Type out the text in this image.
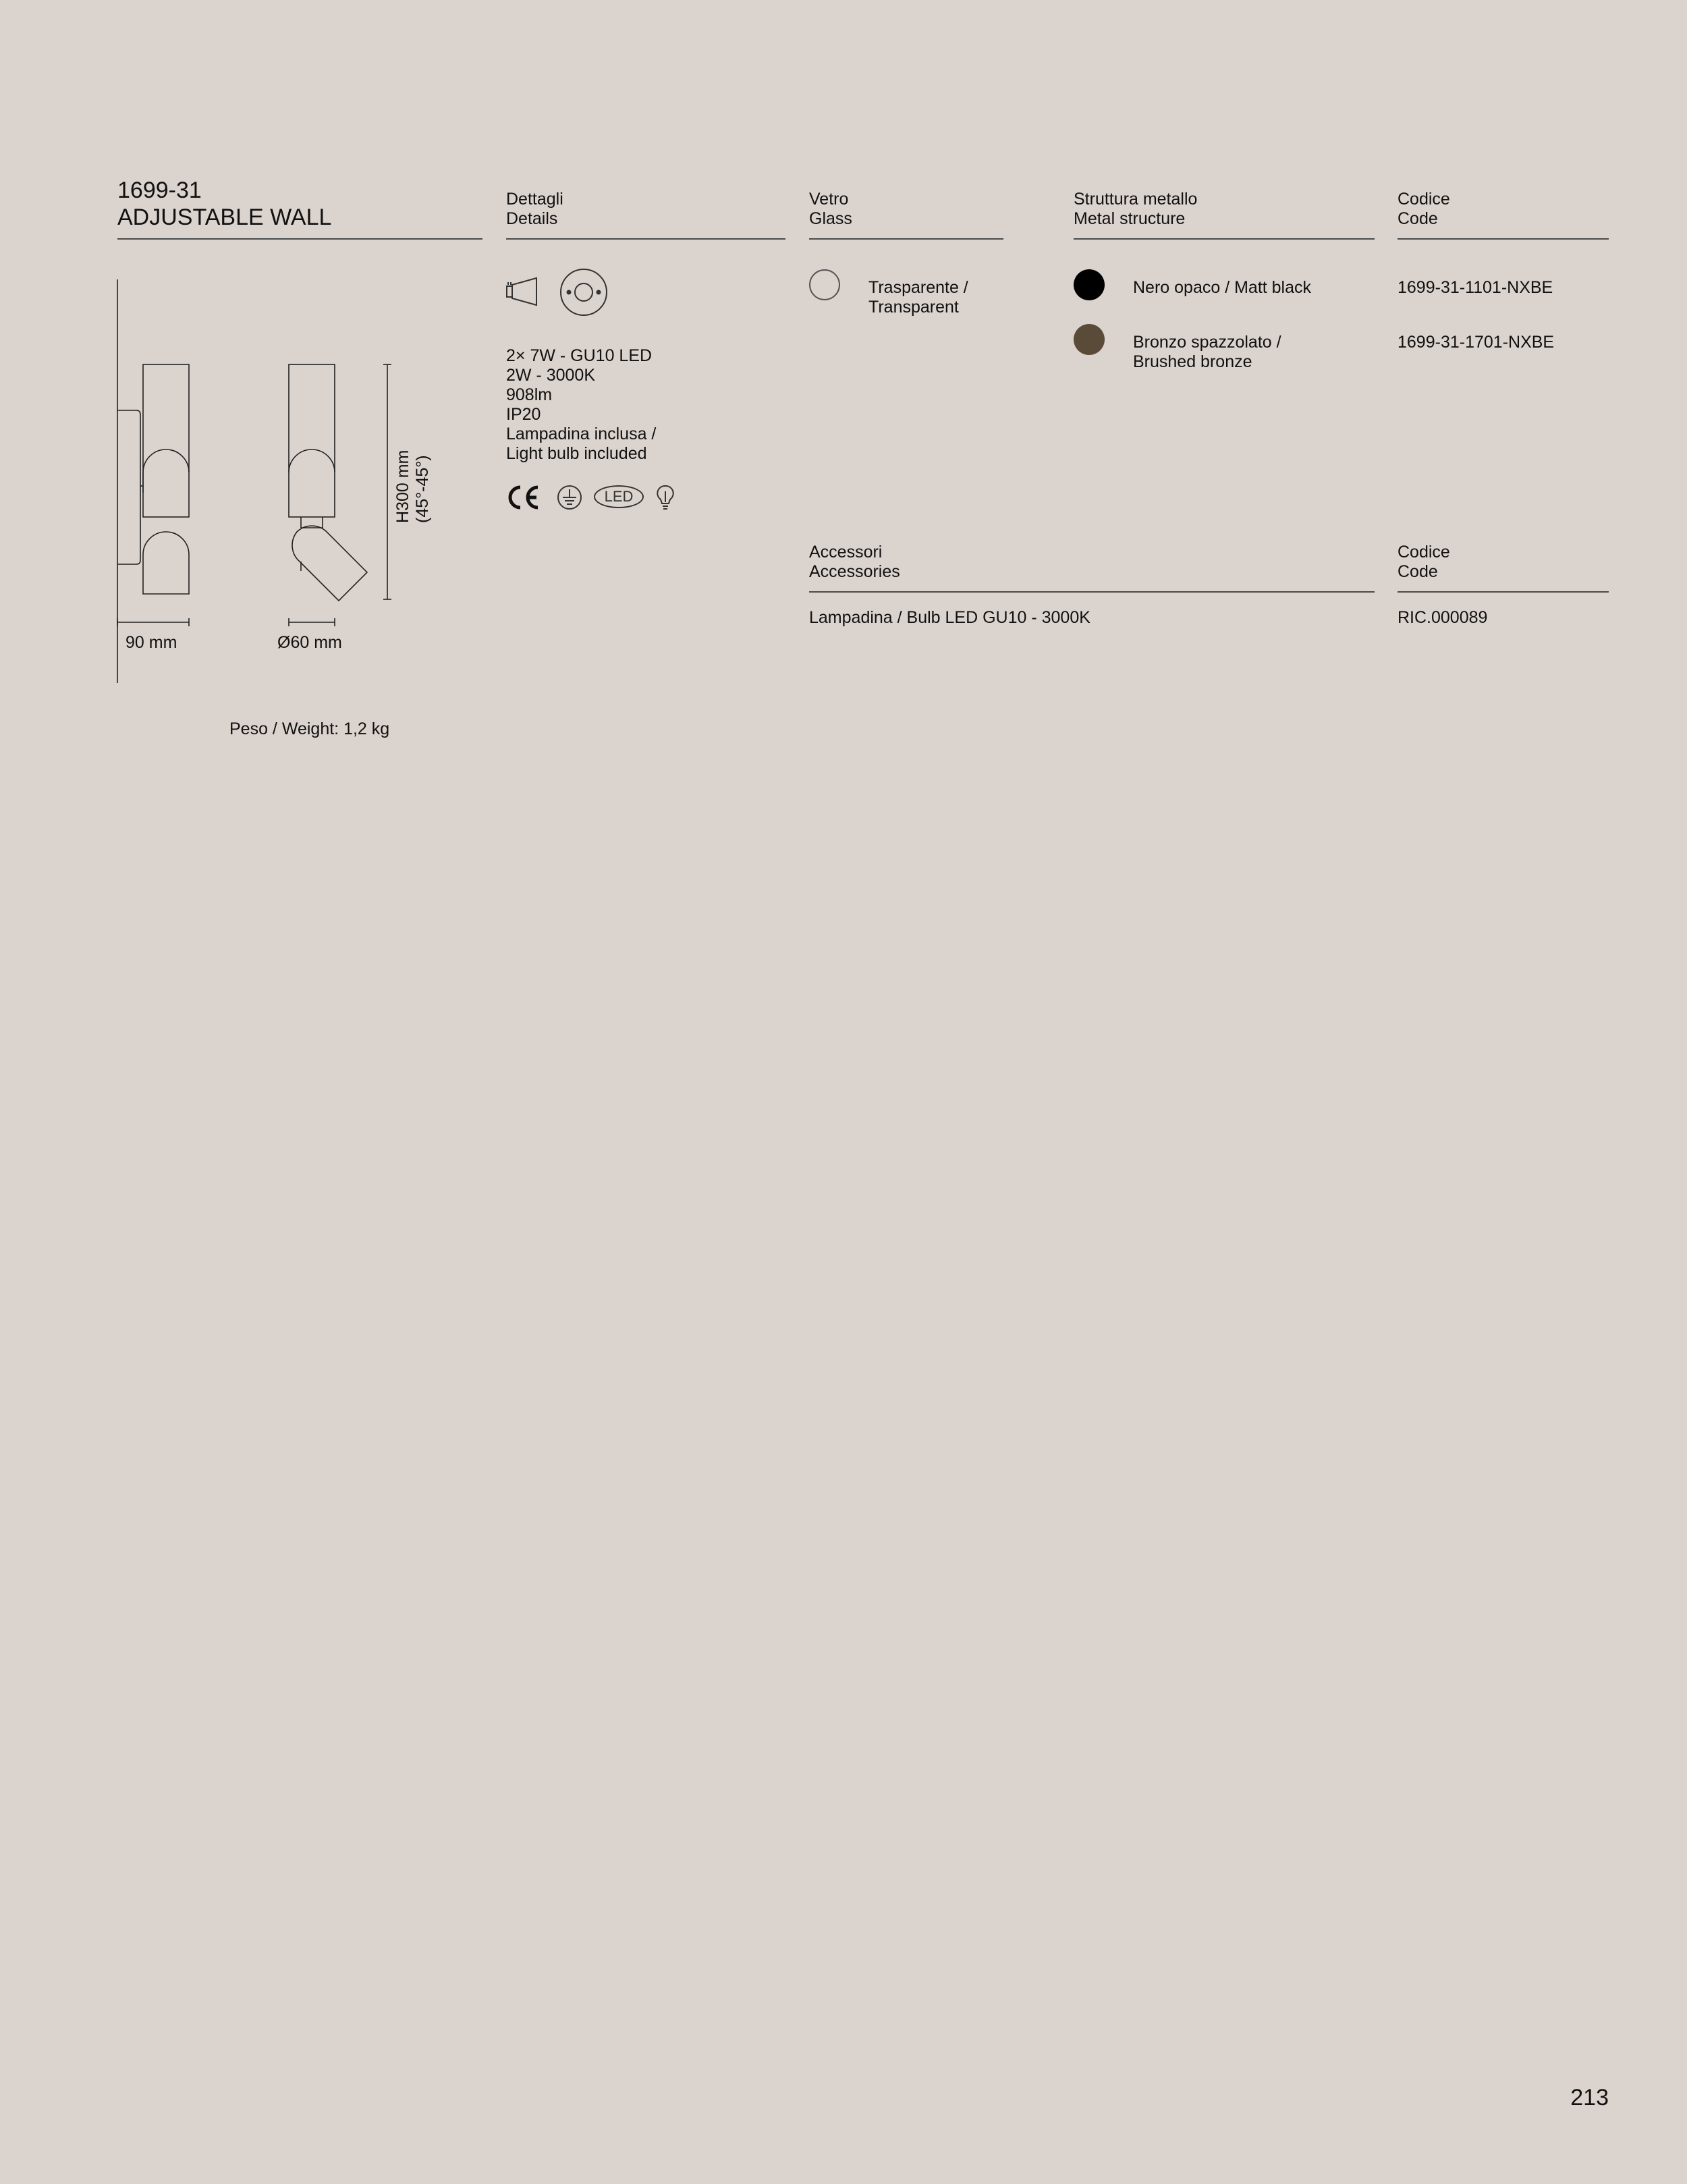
1699-31
ADJUSTABLE WALL
Dettagli
Details
2× 7W - GU10 LED
2W - 3000K
908lm
IP20
Lampadina inclusa /
Light bulb included
LED
Vetro
Glass
Trasparente /
Transparent
Struttura metallo
Metal structure
Nero opaco / Matt black
Bronzo spazzolato /
Brushed bronze
Codice
Code
1699-31-1101-NXBE
1699-31-1701-NXBE
Accessori
Accessories
Lampadina / Bulb LED GU10 - 3000K
Codice
Code
RIC.000089
90 mm	Ø60 mm
H300 mm (45°-45°)
Peso / Weight: 1,2 kg
213
